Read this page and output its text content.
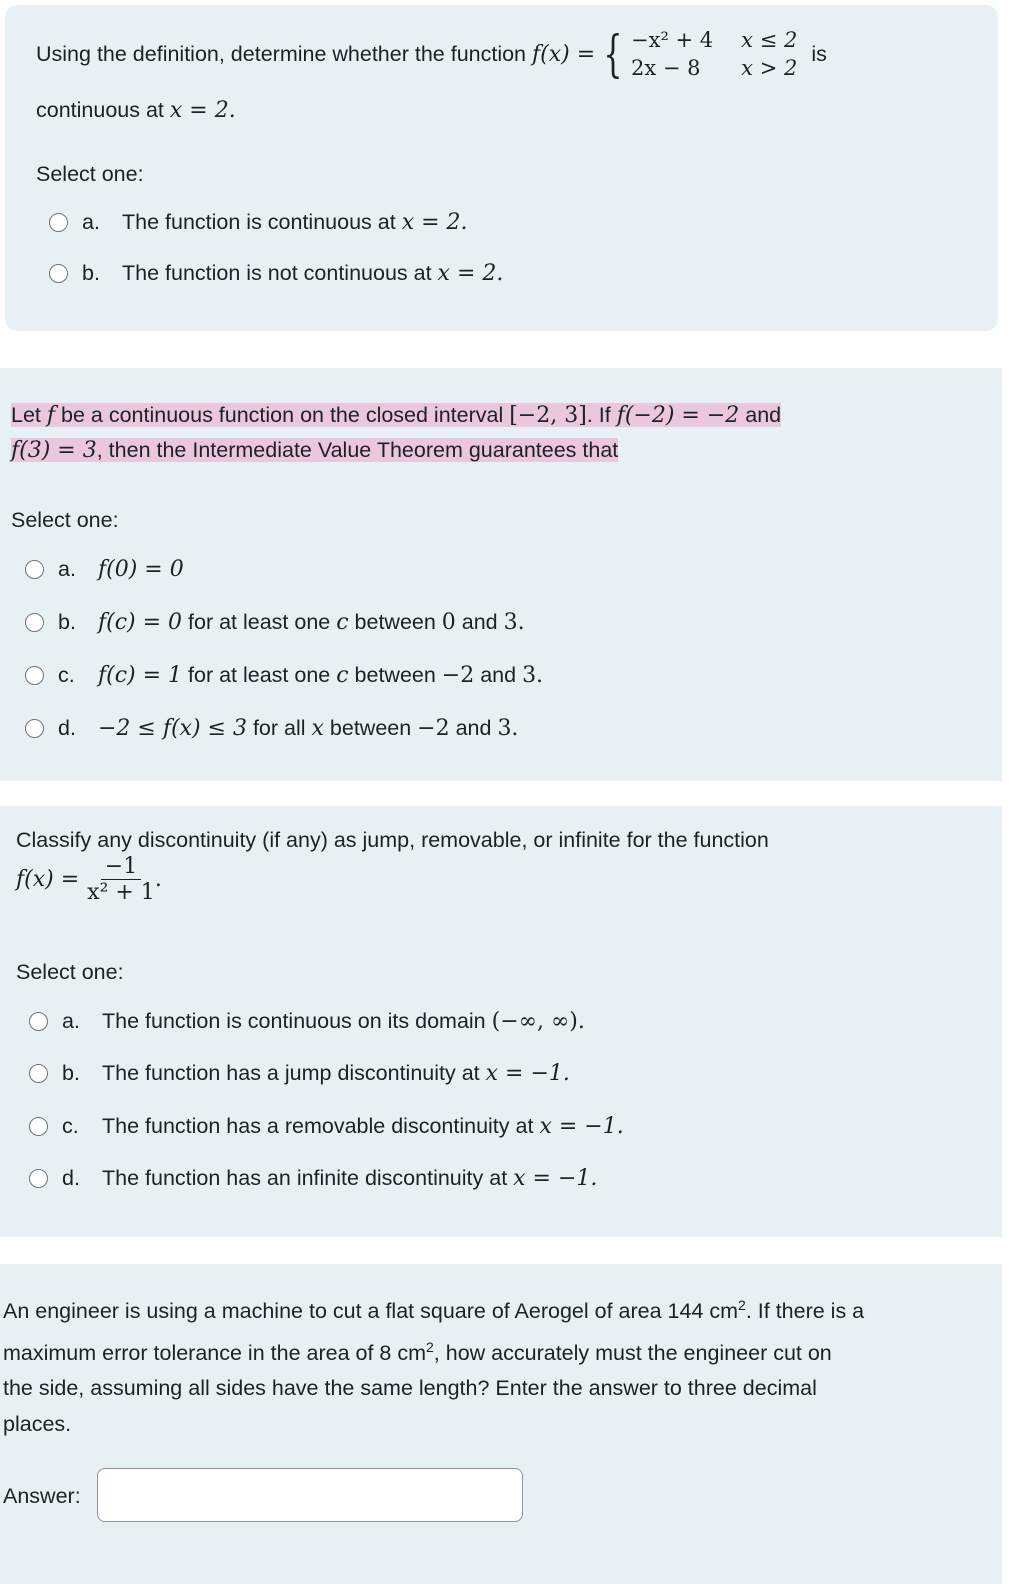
Using the definition, determine whether the function f(x) = { −x² + 4 x ≤ 2
2x − 8	x > 2
is
continuous at x = 2.
Select one:
a.	The function is continuous at
x = 2.
b.	The function is not continuous at
x = 2.
Let f be a continuous function on the closed interval [−2, 3]. If f(−2) = −2 and
f(3) = 3, then the Intermediate Value Theorem guarantees that
Select one:
a.	f(0) = 0
b.	f(c) = 0 for at least one c between 0 and 3.
c.	f(c) = 1 for at least one c between −2 and 3.
d.	−2 ≤ f(x) ≤ 3 for all x between −2 and 3.
Classify any discontinuity (if any) as jump, removable, or infinite for the function
$f(x) = \frac{-1}{\text{x² + 1}}$ .
Select one:
a.	The function is continuous on its domain
(−∞, ∞).
b.	The function has a jump discontinuity at
x = −1.
c.	The function has a removable discontinuity at
x = −1.
d.	The function has an infinite discontinuity at
x = −1.
An engineer is using a machine to cut a flat square of Aerogel of area 144 $cm^2$. If there is a
maximum error tolerance in the area of 8 $cm^2$, how accurately must the engineer cut on
the side, assuming all sides have the same length? Enter the answer to three decimal
places.
Answer:
